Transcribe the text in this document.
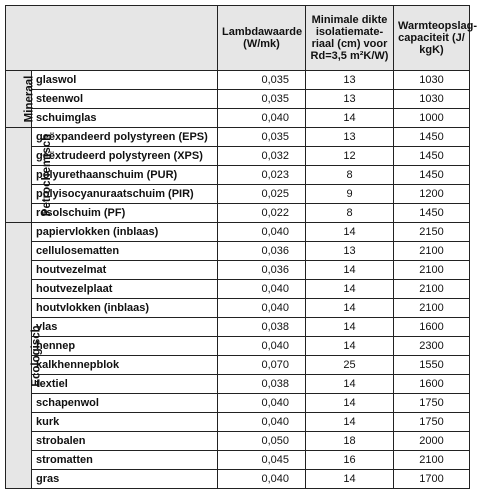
		Lambdawaarde (W/mk)	Minimale dikte isolatiemate-riaal (cm) voor
Rd=3,5 m²K/W)	Warmteopslag-capaciteit (J/ kgK)
Mineraal	glaswol	0,035	13	1030
	steenwol	0,035	13	1030
	schuimglas	0,040	14	1000
Petrochemisch	geëxpandeerd polystyreen (EPS)	0,035	13	1450
	geëxtrudeerd polystyreen (XPS)	0,032	12	1450
	polyurethaanschuim (PUR)	0,023	8	1450
	polyisocyanuraatschuim (PIR)	0,025	9	1200
	resolschuim (PF)	0,022	8	1450
Ecologisch	papiervlokken (inblaas)	0,040	14	2150
	cellulosematten	0,036	13	2100
	houtvezelmat	0,036	14	2100
	houtvezelplaat	0,040	14	2100
	houtvlokken (inblaas)	0,040	14	2100
	vlas	0,038	14	1600
	hennep	0,040	14	2300
	kalkhennepblok	0,070	25	1550
	textiel	0,038	14	1600
	schapenwol	0,040	14	1750
	kurk	0,040	14	1750
	strobalen	0,050	18	2000
	stromatten	0,045	16	2100
	gras	0,040	14	1700
